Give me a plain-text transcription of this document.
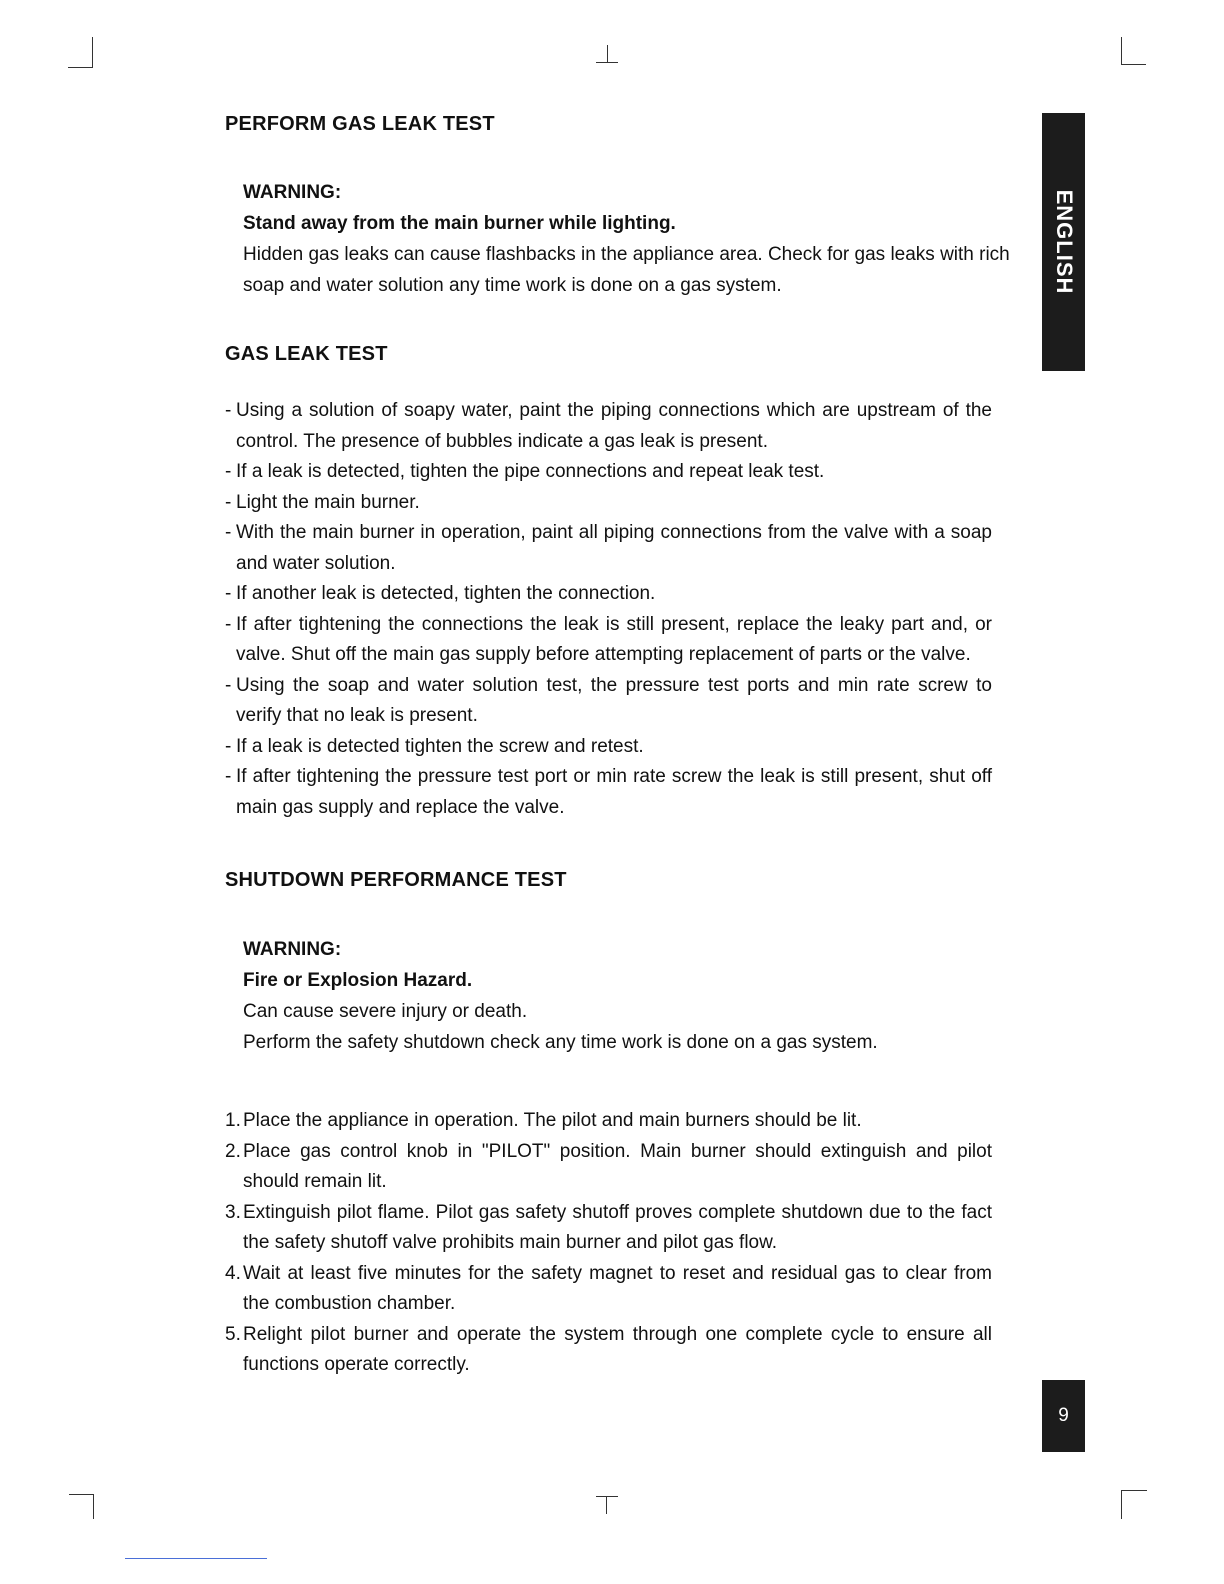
ENGLISH
PERFORM GAS LEAK TEST
WARNING:
Stand away from the main burner while lighting.
Hidden gas leaks can cause flashbacks in the appliance area. Check for gas leaks with rich
soap and water solution any time work is done on a gas system.
GAS LEAK TEST
- Using a solution of soapy water, paint the piping connections which are upstream of the control. The presence of bubbles indicate a gas leak is present.
- If a leak is detected, tighten the pipe connections and repeat leak test.
- Light the main burner.
- With the main burner in operation, paint all piping connections from the valve with a soap and water solution.
- If another leak is detected, tighten the connection.
- If after tightening the connections the leak is still present, replace the leaky part and, or valve. Shut off the main gas supply before attempting replacement of parts or the valve.
- Using the soap and water solution test, the pressure test ports and min rate screw to verify that no leak is present.
- If a leak is detected tighten the screw and retest.
- If after tightening the pressure test port or min rate screw the leak is still present, shut off main gas supply and replace the valve.
SHUTDOWN PERFORMANCE TEST
WARNING:
Fire or Explosion Hazard.
Can cause severe injury or death.
Perform the safety shutdown check any time work is done on a gas system.
1. Place the appliance in operation. The pilot and main burners should be lit.
2. Place gas control knob in "PILOT" position. Main burner should extinguish and pilot should remain lit.
3. Extinguish pilot flame. Pilot gas safety shutoff proves complete shutdown due to the fact the safety shutoff valve prohibits main burner and pilot gas flow.
4. Wait at least five minutes for the safety magnet to reset and residual gas to clear from the combustion chamber.
5. Relight pilot burner and operate the system through one complete cycle to ensure all functions operate correctly.
9
